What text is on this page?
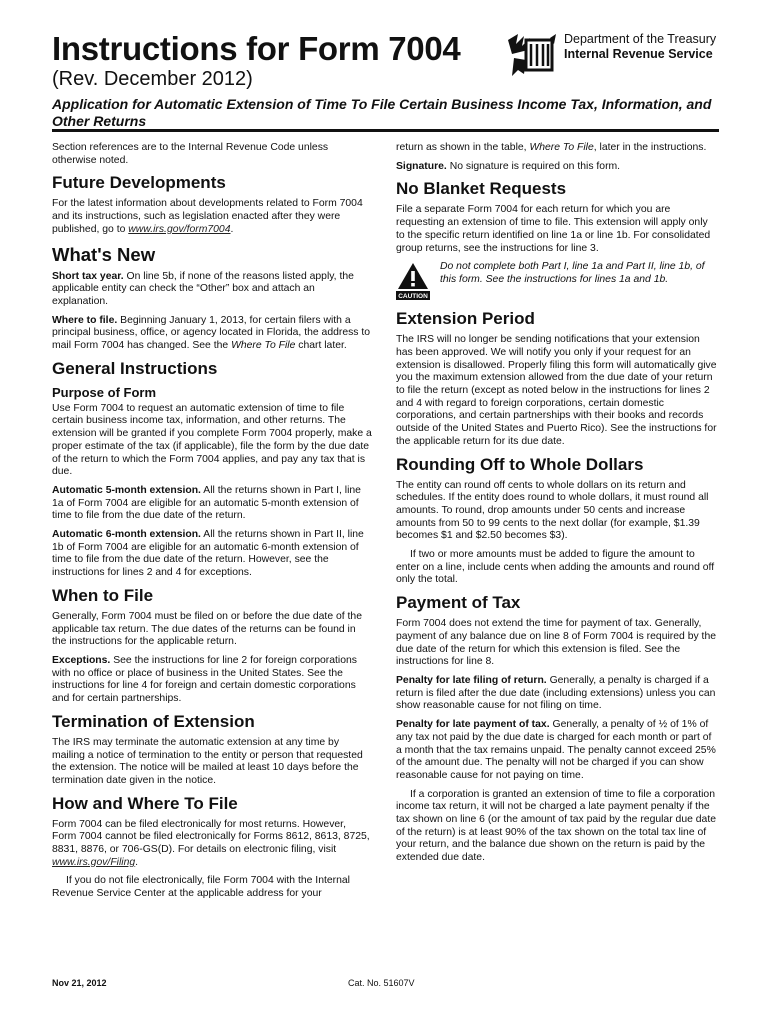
Instructions for Form 7004
(Rev. December 2012)
Department of the Treasury
Internal Revenue Service
Application for Automatic Extension of Time To File Certain Business Income Tax, Information, and Other Returns

Section references are to the Internal Revenue Code unless otherwise noted.

Future Developments

For the latest information about developments related to Form 7004 and its instructions, such as legislation enacted after they were published, go to www.irs.gov/form7004.

What's New

Short tax year. On line 5b, if none of the reasons listed apply, the applicable entity can check the “Other” box and attach an explanation.

Where to file. Beginning January 1, 2013, for certain filers with a principal business, office, or agency located in Florida, the address to mail Form 7004 has changed. See the Where To File chart later.

General Instructions
Purpose of Form

Use Form 7004 to request an automatic extension of time to file certain business income tax, information, and other returns. The extension will be granted if you complete Form 7004 properly, make a proper estimate of the tax (if applicable), file the form by the due date of the return to which the Form 7004 applies, and pay any tax that is due.

Automatic 5-month extension. All the returns shown in Part I, line 1a of Form 7004 are eligible for an automatic 5-month extension of time to file from the due date of the return.

Automatic 6-month extension. All the returns shown in Part II, line 1b of Form 7004 are eligible for an automatic 6-month extension of time to file from the due date of the return. However, see the instructions for lines 2 and 4 for exceptions.

When to File

Generally, Form 7004 must be filed on or before the due date of the applicable tax return. The due dates of the returns can be found in the instructions for the applicable return.

Exceptions. See the instructions for line 2 for foreign corporations with no office or place of business in the United States. See the instructions for line 4 for foreign and certain domestic corporations and for certain partnerships.

Termination of Extension

The IRS may terminate the automatic extension at any time by mailing a notice of termination to the entity or person that requested the extension. The notice will be mailed at least 10 days before the termination date given in the notice.

How and Where To File

Form 7004 can be filed electronically for most returns. However, Form 7004 cannot be filed electronically for Forms 8612, 8613, 8725, 8831, 8876, or 706-GS(D). For details on electronic filing, visit www.irs.gov/Filing.

If you do not file electronically, file Form 7004 with the Internal Revenue Service Center at the applicable address for your

return as shown in the table, Where To File, later in the instructions.

Signature. No signature is required on this form.

No Blanket Requests

File a separate Form 7004 for each return for which you are requesting an extension of time to file. This extension will apply only to the specific return identified on line 1a or line 1b. For consolidated group returns, see the instructions for line 3.

CAUTION
Do not complete both Part I, line 1a and Part II, line 1b, of this form. See the instructions for lines 1a and 1b.
Extension Period

The IRS will no longer be sending notifications that your extension has been approved. We will notify you only if your request for an extension is disallowed. Properly filing this form will automatically give you the maximum extension allowed from the due date of your return to file the return (except as noted below in the instructions for lines 2 and 4 with regard to foreign corporations, certain domestic corporations, and certain partnerships with their books and records outside of the United States and Puerto Rico). See the instructions for the applicable return for its due date.

Rounding Off to Whole Dollars

The entity can round off cents to whole dollars on its return and schedules. If the entity does round to whole dollars, it must round all amounts. To round, drop amounts under 50 cents and increase amounts from 50 to 99 cents to the next dollar (for example, $1.39 becomes $1 and $2.50 becomes $3).

If two or more amounts must be added to figure the amount to enter on a line, include cents when adding the amounts and round off only the total.

Payment of Tax

Form 7004 does not extend the time for payment of tax. Generally, payment of any balance due on line 8 of Form 7004 is required by the due date of the return for which this extension is filed. See the instructions for line 8.

Penalty for late filing of return. Generally, a penalty is charged if a return is filed after the due date (including extensions) unless you can show reasonable cause for not filing on time.

Penalty for late payment of tax. Generally, a penalty of ½ of 1% of any tax not paid by the due date is charged for each month or part of a month that the tax remains unpaid. The penalty cannot exceed 25% of the amount due. The penalty will not be charged if you can show reasonable cause for not paying on time.

If a corporation is granted an extension of time to file a corporation income tax return, it will not be charged a late payment penalty if the tax shown on line 6 (or the amount of tax paid by the regular due date of the return) is at least 90% of the tax shown on the total tax line of your return, and the balance due shown on the return is paid by the extended due date.

Nov 21, 2012	Cat. No. 51607V
